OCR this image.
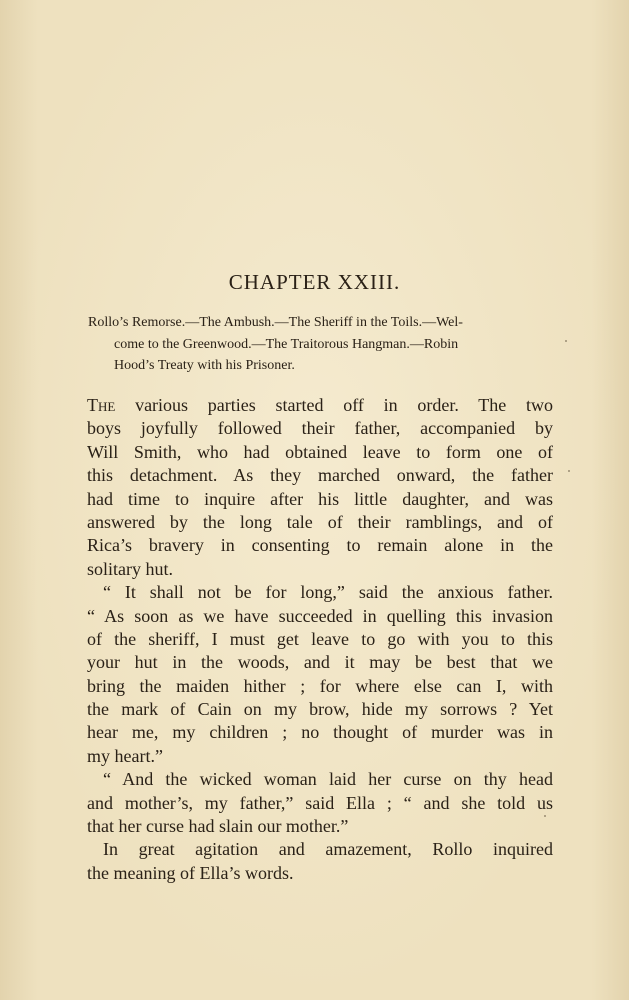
CHAPTER XXIII.
Rollo’s Remorse.—The Ambush.—The Sheriff in the Toils.—Wel-
come to the Greenwood.—The Traitorous Hangman.—Robin
Hood’s Treaty with his Prisoner.
The various parties started off in order. The two
boys joyfully followed their father, accompanied by
Will Smith, who had obtained leave to form one of
this detachment. As they marched onward, the father
had time to inquire after his little daughter, and was
answered by the long tale of their ramblings, and of
Rica’s bravery in consenting to remain alone in the
solitary hut.
“ It shall not be for long,” said the anxious father.
“ As soon as we have succeeded in quelling this invasion
of the sheriff, I must get leave to go with you to this
your hut in the woods, and it may be best that we
bring the maiden hither ; for where else can I, with
the mark of Cain on my brow, hide my sorrows ? Yet
hear me, my children ; no thought of murder was in
my heart.”
“ And the wicked woman laid her curse on thy head
and mother’s, my father,” said Ella ; “ and she told us
that her curse had slain our mother.”
In great agitation and amazement, Rollo inquired
the meaning of Ella’s words.
